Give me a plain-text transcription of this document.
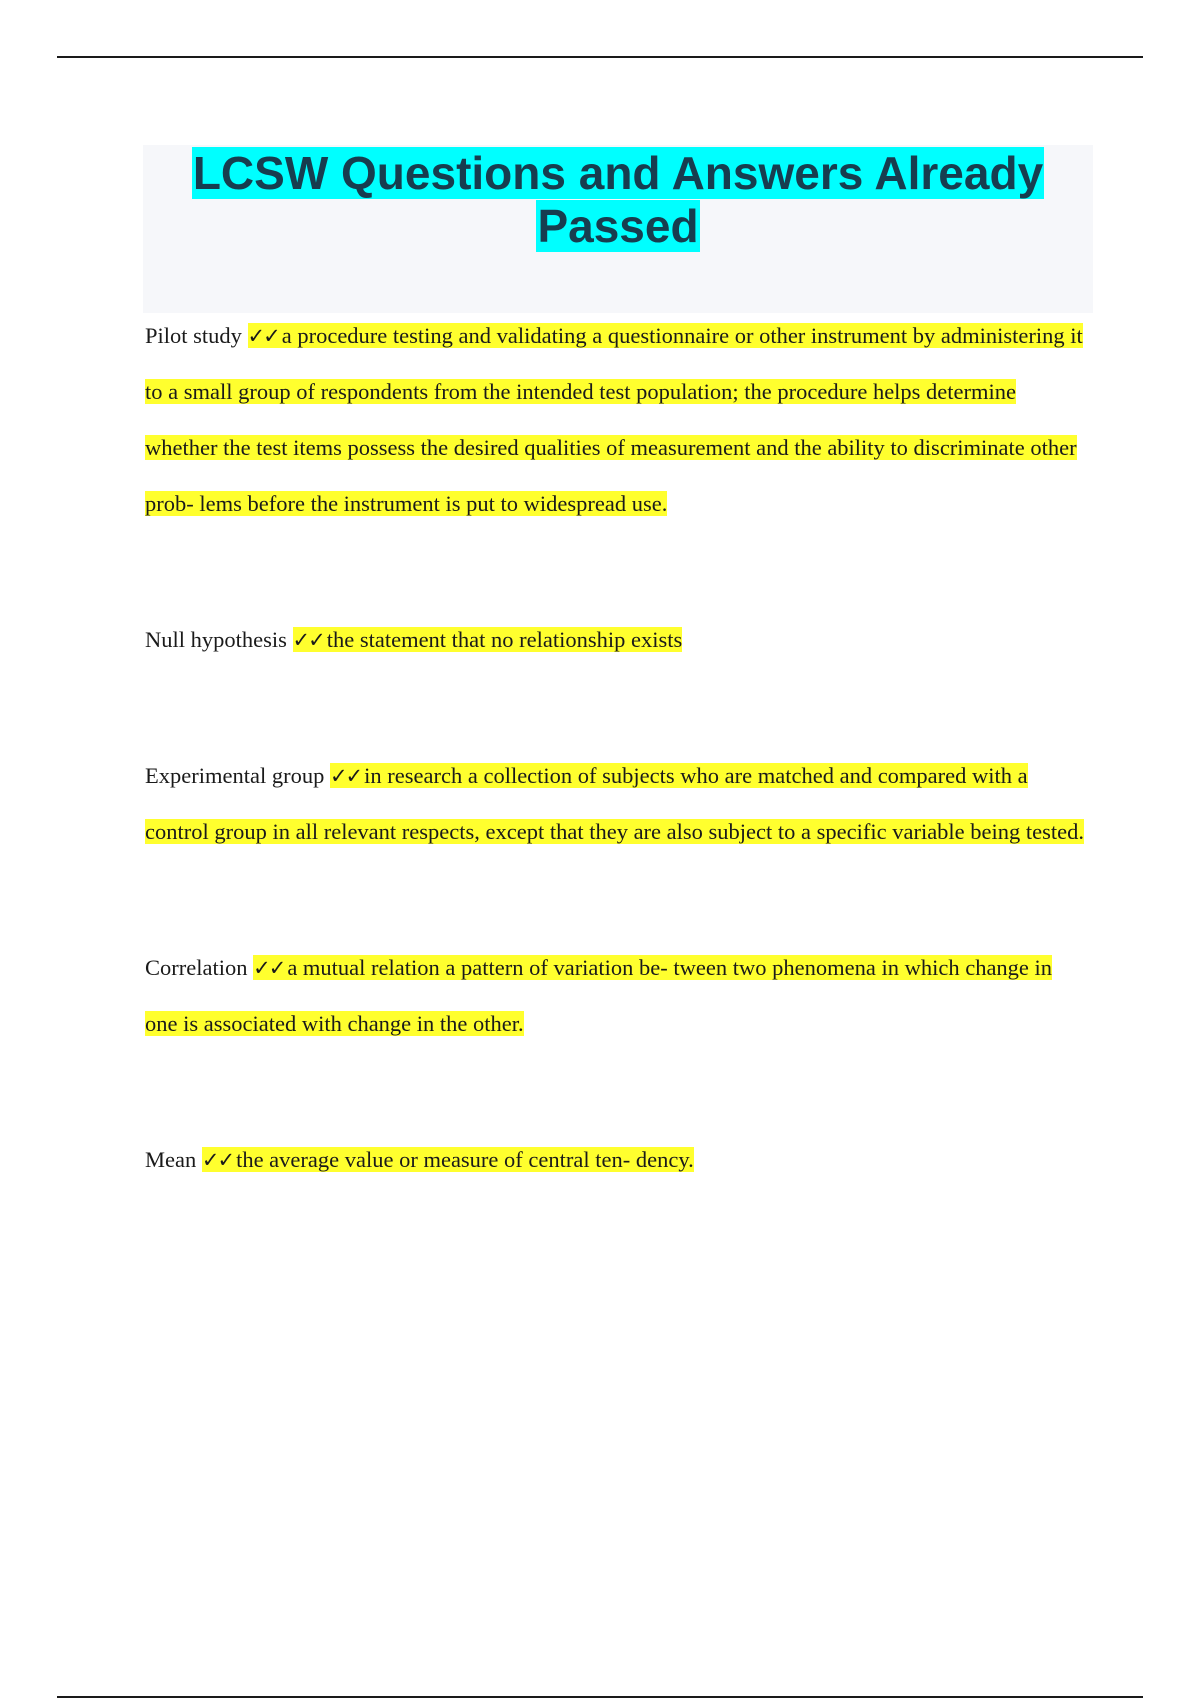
LCSW Questions and Answers Already Passed

Pilot study ✓✓ a procedure testing and validating a questionnaire or other instrument by administering it to a small group of respondents from the intended test population; the procedure helps determine whether the test items possess the desired qualities of measurement and the ability to discriminate other prob- lems before the instrument is put to widespread use.

Null hypothesis ✓✓ the statement that no relationship exists

Experimental group ✓✓ in research a collection of subjects who are matched and compared with a control group in all relevant respects, except that they are also subject to a specific variable being tested.

Correlation ✓✓ a mutual relation a pattern of variation be- tween two phenomena in which change in one is associated with change in the other.

Mean ✓✓ the average value or measure of central ten- dency.
